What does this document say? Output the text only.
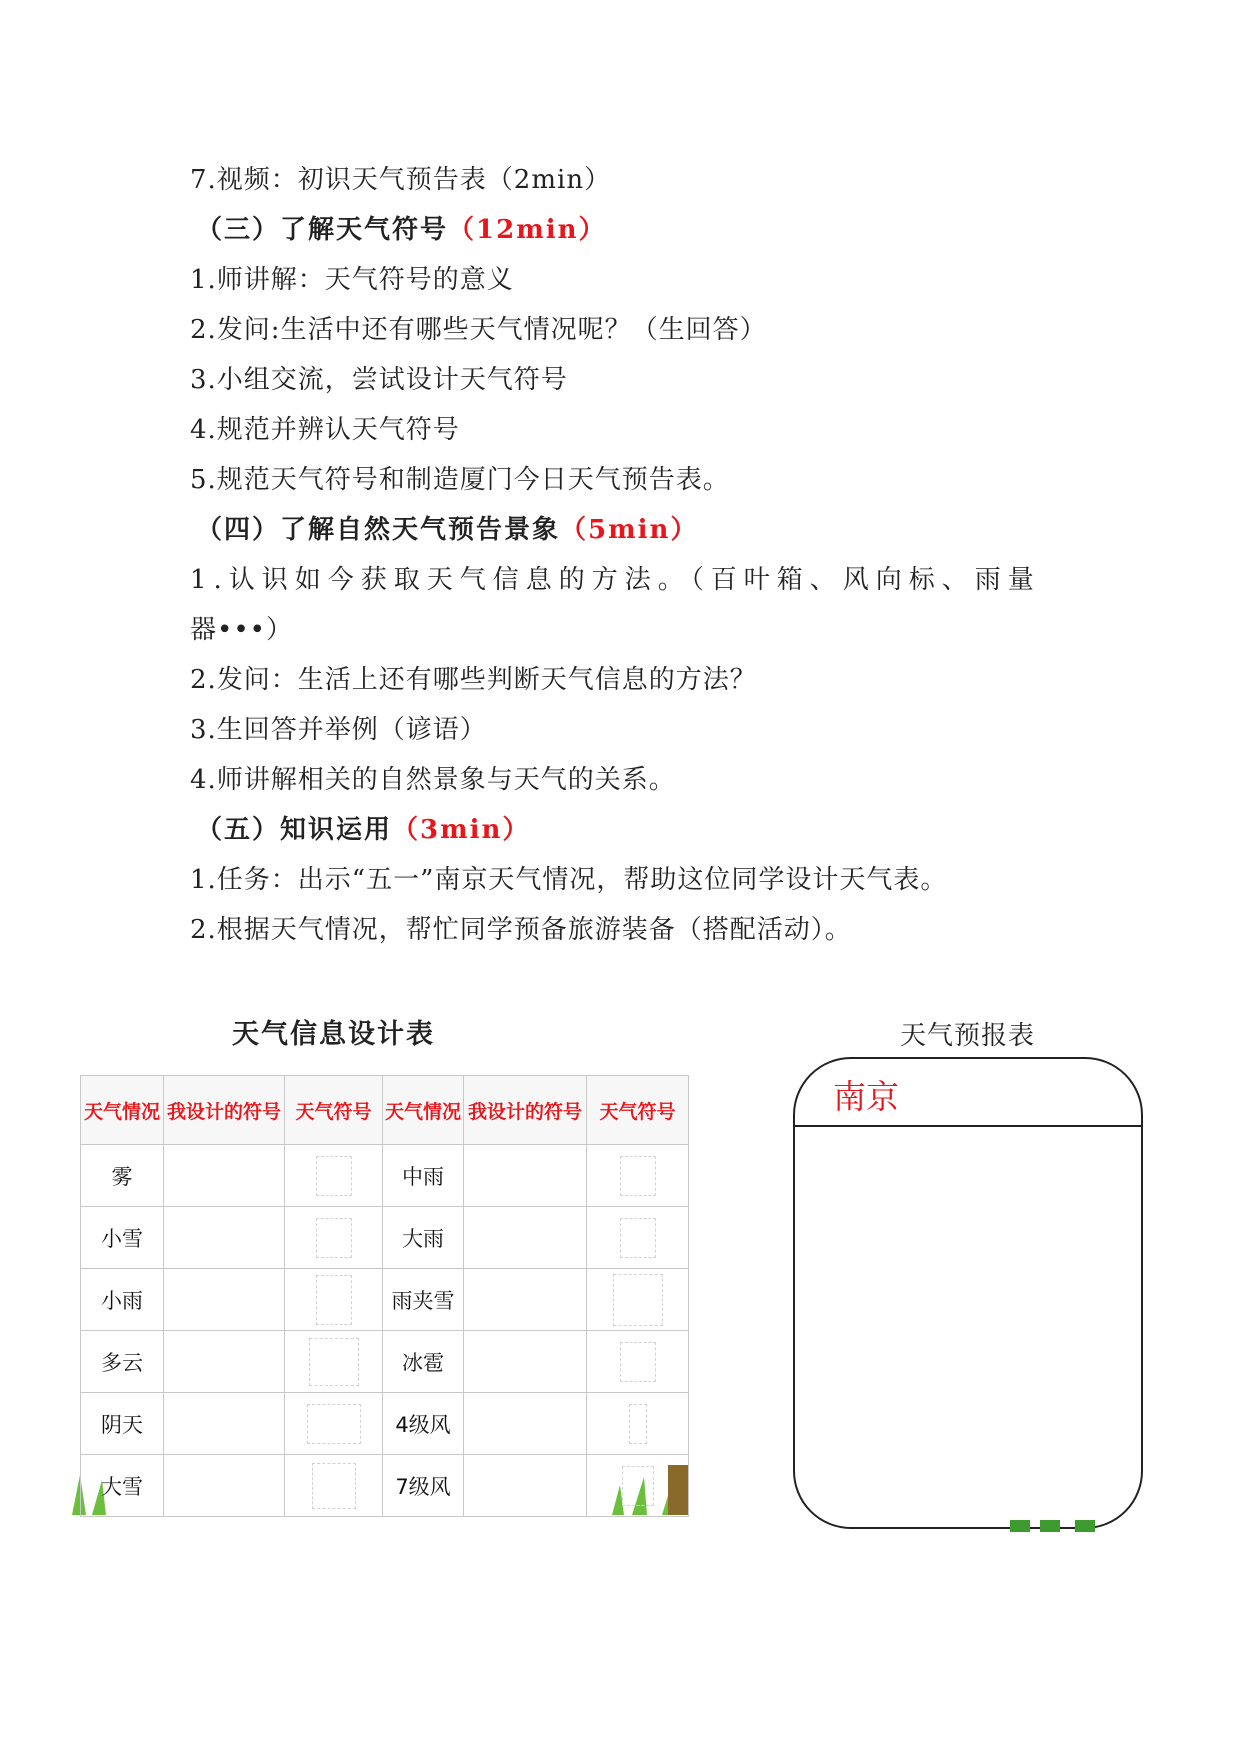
7.视频：初识天气预告表（2min）
（三）了解天气符号（12min）
1.师讲解：天气符号的意义
2.发问:生活中还有哪些天气情况呢？（生回答）
3.小组交流，尝试设计天气符号
4.规范并辨认天气符号
5.规范天气符号和制造厦门今日天气预告表。
（四）了解自然天气预告景象（5min）
1.认识如今获取天气信息的方法。（百叶箱、风向标、雨量
器•••）
2.发问：生活上还有哪些判断天气信息的方法？
3.生回答并举例（谚语）
4.师讲解相关的自然景象与天气的关系。
（五）知识运用（3min）
1.任务：出示“五一”南京天气情况，帮助这位同学设计天气表。
2.根据天气情况，帮忙同学预备旅游装备（搭配活动）。
天气信息设计表
天气情况	我设计的符号	天气符号	天气情况	我设计的符号	天气符号
雾			中雨		
小雪			大雨		
小雨			雨夹雪		
多云			冰雹		
阴天			4级风		
大雪			7级风		
天气预报表
南京
